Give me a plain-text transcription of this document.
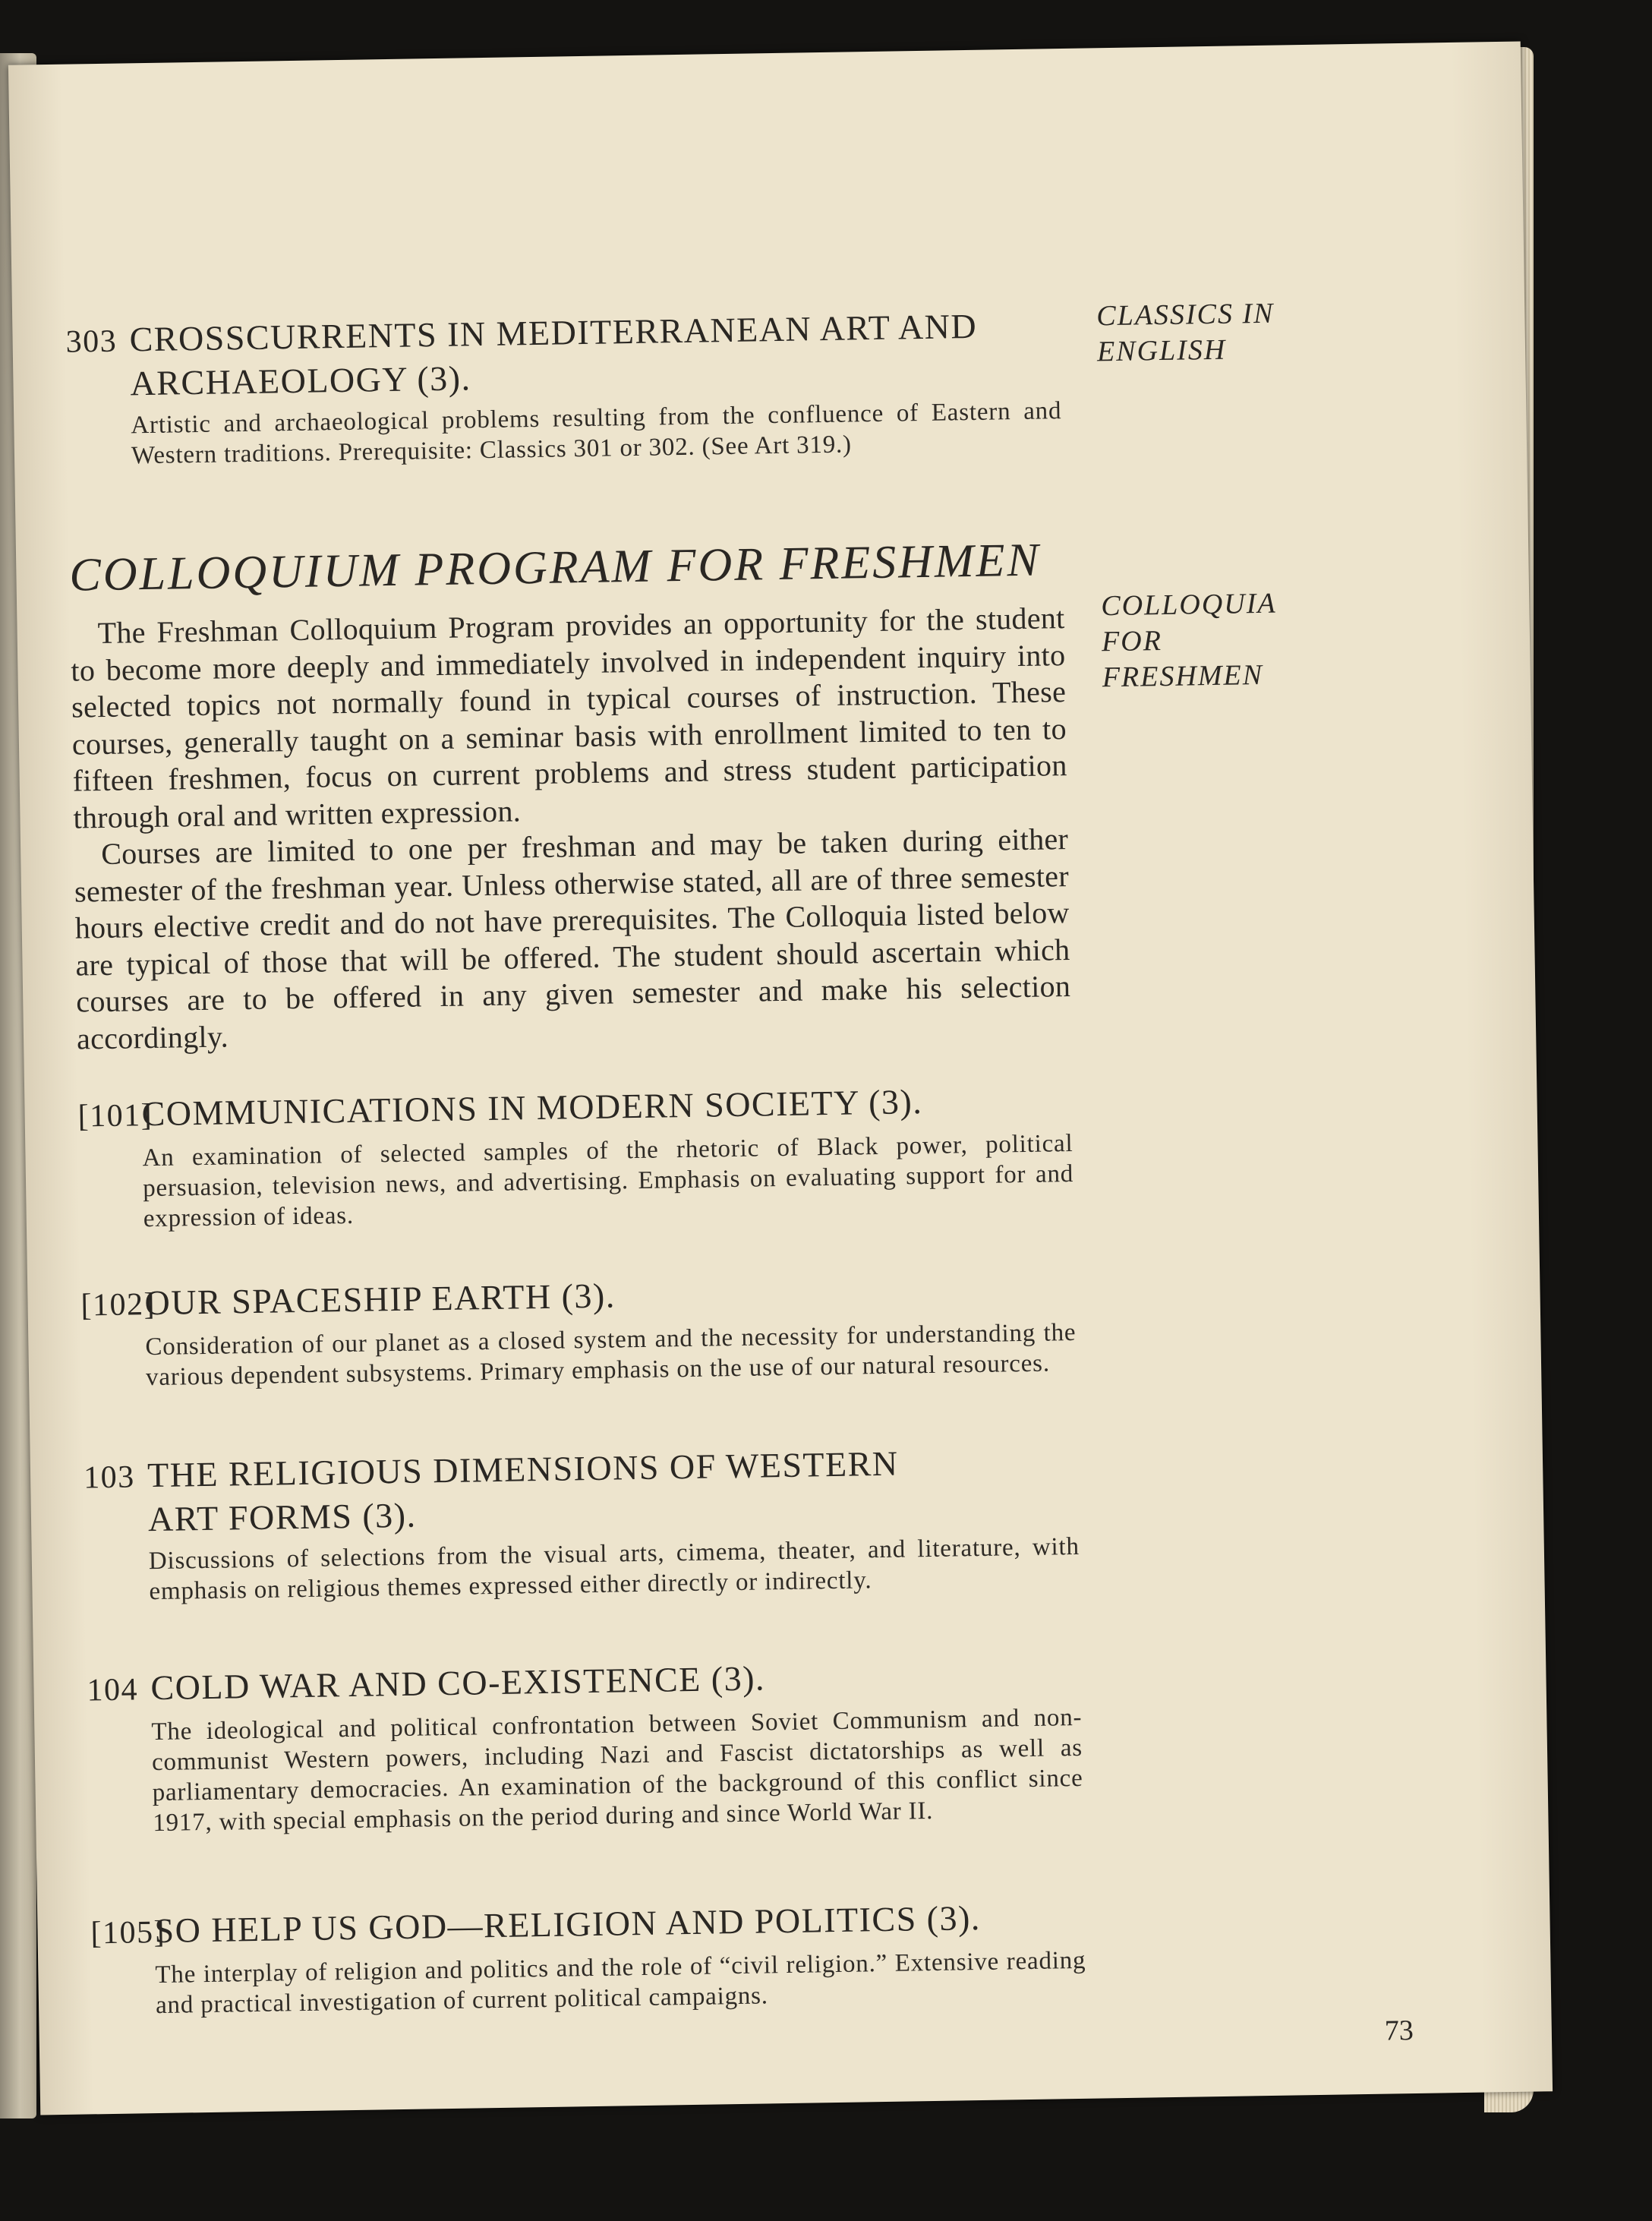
303 CROSSCURRENTS IN MEDITERRANEAN ART AND
ARCHAEOLOGY (3).
Artistic and archaeological problems resulting from the confluence of Eastern and Western traditions. Prerequisite: Classics 301 or 302. (See Art 319.)
CLASSICS IN
ENGLISH
COLLOQUIUM PROGRAM FOR FRESHMEN
COLLOQUIA
FOR
FRESHMEN

The Freshman Colloquium Program provides an opportunity for the student to become more deeply and immediately involved in independent inquiry into selected topics not normally found in typical courses of instruction. These courses, generally taught on a seminar basis with enrollment limited to ten to fifteen freshmen, focus on current problems and stress student participation through oral and written expression.

Courses are limited to one per freshman and may be taken during either semester of the freshman year. Unless otherwise stated, all are of three semester hours elective credit and do not have prerequisites. The Colloquia listed below are typical of those that will be offered. The student should ascertain which courses are to be offered in any given semester and make his selection accordingly.

[101]COMMUNICATIONS IN MODERN SOCIETY (3).
An examination of selected samples of the rhetoric of Black power, political persuasion, television news, and advertising. Emphasis on evaluating support for and expression of ideas.
[102]OUR SPACESHIP EARTH (3).
Consideration of our planet as a closed system and the necessity for understanding the various dependent subsystems. Primary emphasis on the use of our natural resources.
103 THE RELIGIOUS DIMENSIONS OF WESTERN
ART FORMS (3).
Discussions of selections from the visual arts, cimema, theater, and literature, with emphasis on religious themes expressed either directly or indirectly.
104 COLD WAR AND CO-EXISTENCE (3).
The ideological and political confrontation between Soviet Communism and non-communist Western powers, including Nazi and Fascist dictatorships as well as parliamentary democracies. An examination of the background of this conflict since 1917, with special emphasis on the period during and since World War II.
[105]SO HELP US GOD—RELIGION AND POLITICS (3).
The interplay of religion and politics and the role of “civil religion.” Extensive reading and practical investigation of current political campaigns.
73
